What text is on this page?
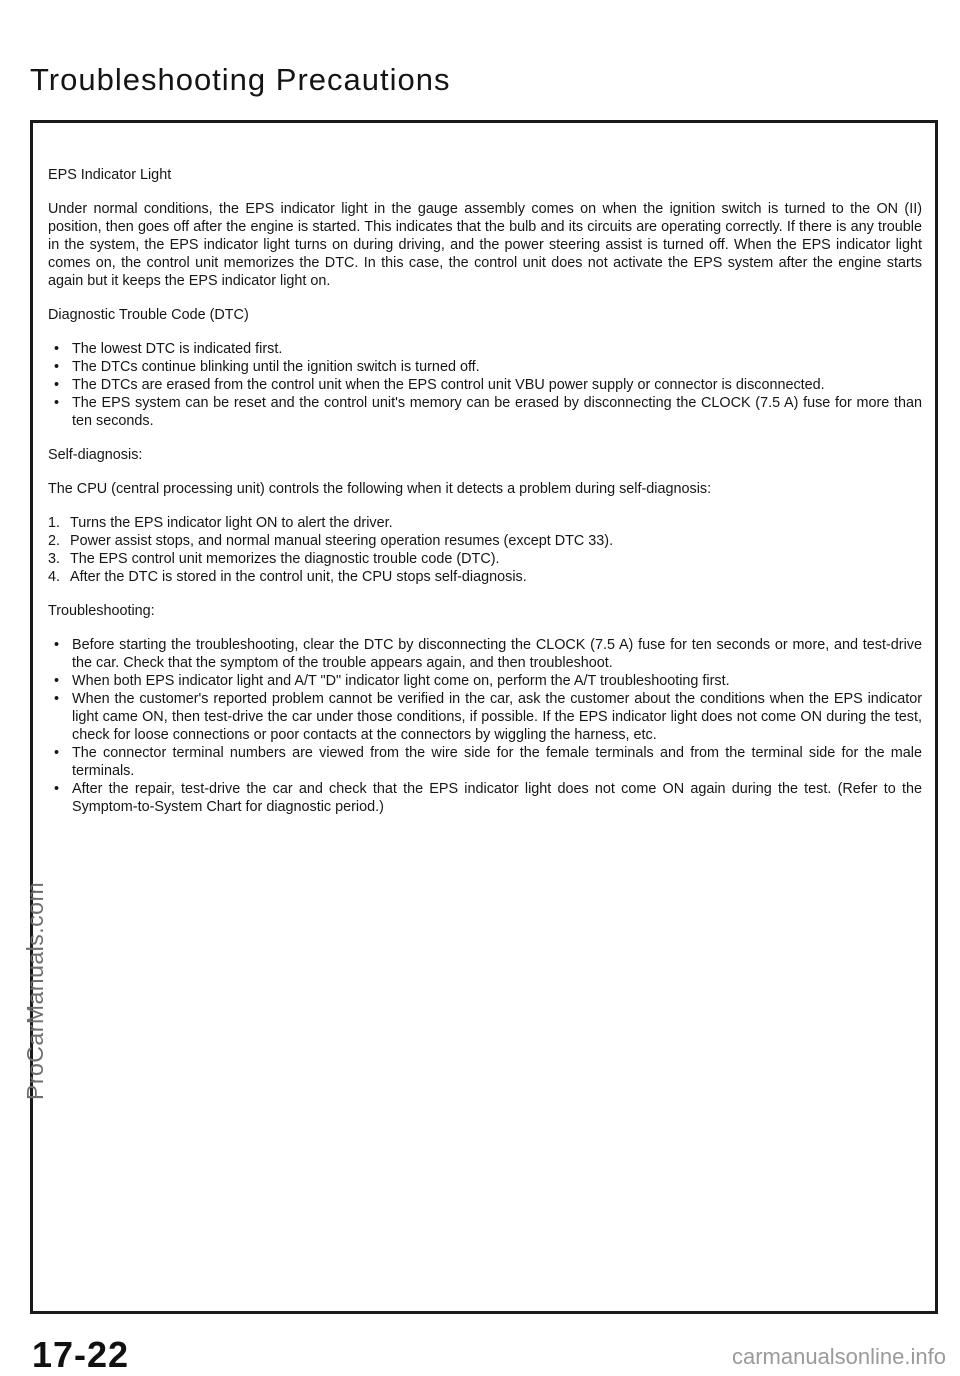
Troubleshooting Precautions
EPS Indicator Light

Under normal conditions, the EPS indicator light in the gauge assembly comes on when the ignition switch is turned to the ON (II) position, then goes off after the engine is started. This indicates that the bulb and its circuits are operating correctly. If there is any trouble in the system, the EPS indicator light turns on during driving, and the power steering assist is turned off. When the EPS indicator light comes on, the control unit memorizes the DTC. In this case, the control unit does not activate the EPS system after the engine starts again but it keeps the EPS indicator light on.

Diagnostic Trouble Code (DTC)
• The lowest DTC is indicated first.
• The DTCs continue blinking until the ignition switch is turned off.
• The DTCs are erased from the control unit when the EPS control unit VBU power supply or connector is disconnected.
• The EPS system can be reset and the control unit's memory can be erased by disconnecting the CLOCK (7.5 A) fuse for more than ten seconds.
Self-diagnosis:

The CPU (central processing unit) controls the following when it detects a problem during self-diagnosis:

1. Turns the EPS indicator light ON to alert the driver.
2. Power assist stops, and normal manual steering operation resumes (except DTC 33).
3. The EPS control unit memorizes the diagnostic trouble code (DTC).
4. After the DTC is stored in the control unit, the CPU stops self-diagnosis.
Troubleshooting:
• Before starting the troubleshooting, clear the DTC by disconnecting the CLOCK (7.5 A) fuse for ten seconds or more, and test-drive the car. Check that the symptom of the trouble appears again, and then troubleshoot.
• When both EPS indicator light and A/T "D" indicator light come on, perform the A/T troubleshooting first.
• When the customer's reported problem cannot be verified in the car, ask the customer about the conditions when the EPS indicator light came ON, then test-drive the car under those conditions, if possible. If the EPS indicator light does not come ON during the test, check for loose connections or poor contacts at the connectors by wiggling the harness, etc.
• The connector terminal numbers are viewed from the wire side for the female terminals and from the terminal side for the male terminals.
• After the repair, test-drive the car and check that the EPS indicator light does not come ON again during the test. (Refer to the Symptom-to-System Chart for diagnostic period.)
ProCarManuals.com
17-22	carmanualsonline.info
